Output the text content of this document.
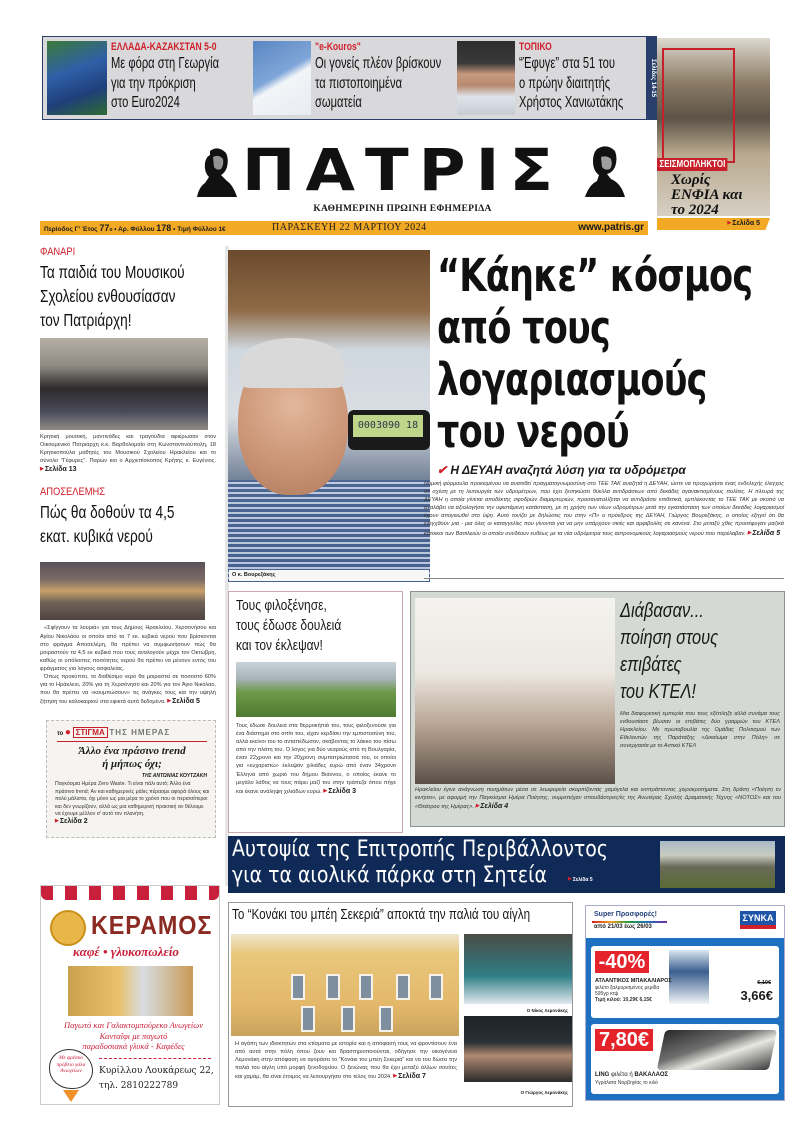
ΕΛΛΑΔΑ-ΚΑΖΑΚΣΤΑΝ 5-0
Με φόρα στη Γεωργία
για την πρόκριση
στο Euro2024
"e-Kouros"
Οι γονείς πλέον βρίσκουν
τα πιστοποιημένα
σωματεία
ΤΟΠΙΚΟ
“Έφυγε” στα 51 του
ο πρώην διαιτητής
Χρήστος Χανιωτάκης
Σελίδες 14-15
ΣΕΙΣΜΟΠΛΗΚΤΟΙ
Χωρίς
ΕΝΦΙΑ και
το 2024
▶ Σελίδα 5
ΠΑΤΡΙΣ
ΚΑΘΗΜΕΡΙΝΗ ΠΡΩΙΝΗ ΕΦΗΜΕΡΙΔΑ
Περίοδος Γ' Έτος 77ο • Αρ. Φύλλου 178 • Τιμή Φύλλου 1€	ΠΑΡΑΣΚΕΥΗ 22 ΜΑΡΤΙΟΥ 2024	www.patris.gr
ΦΑΝΑΡΙ
Τα παιδιά του Μουσικού
Σχολείου ενθουσίασαν
τον Πατριάρχη!
Κρητική μουσική, μαντινάδες και τραγούδια αφιέρωσαν στον Οικουμενικό Πατριάρχη κ.κ. Βαρθολομαίο στη Κωνσταντινούπολη, 18 Κρητικοπούλα μαθητές του Μουσικού Σχολείου Ηρακλείου και το σύνολο "Γέφυρες". Παρών και ο Αρχιεπίσκοπος Κρήτης κ. Ευγένιος. ▶ Σελίδα 13
ΑΠΟΣΕΛΕΜΗΣ
Πώς θα δοθούν τα 4,5
εκατ. κυβικά νερού
«Σφίγγουν τα λουριά» για τους Δήμους Ηρακλείου, Χερσονήσου και Αγίου Νικολάου οι οποίοι από τα 7 εκ. κυβικά νερού που βρίσκονται στο φράγμα Αποσελέμη, θα πρέπει να συμφωνήσουν πώς θα μοιραστούν τα 4,5 εκ κυβικά που τους αναλογούν μέχρι τον Οκτώβρη, καθώς οι υπόλοιπες ποσότητες νερού θα πρέπει να μένουν εντός του φράγματος για λόγους ασφαλείας.
Όπως προκύπτει, το διαθέσιμο νερό θα μοιραστεί σε ποσοστό 60% για το Ηράκλειο, 20% για τη Χερσόνησο και 20% για τον Άγιο Νικόλαο, που θα πρέπει να «κουμπώσουν» τις ανάγκες τους και την υψηλή ζήτηση του καλοκαιριού στα εφικτά αυτά δεδομένα. ▶ Σελίδα 5
το ● ΣΤΙΓΜΑ ΤΗΣ ΗΜΕΡΑΣ
Άλλο ένα πράσινο trend
ή μήπως όχι;
ΤΗΣ ΑΝΤΩΝΙΑΣ ΚΟΥΤΖΑΚΗ
Παγκόσμια Ημέρα Zero Waste. Τι είναι πάλι αυτό; Άλλο ένα πράσινο trend; Αν και καθημερινές μάλις πέρασμε αφορά όλους και πολύ μάλιστα, όχι μόνο ως μια μέρα το χρόνο που οι περισσότεροι και δεν γνωρίζουν, αλλά ως μια καθημερινή πρακτική αν θέλουμε να έχουμε μέλλον σ' αυτό τον πλανήτη.
▶ Σελίδα 2
ΚΕΡΑΜΟΣ
καφέ • γλυκοπωλείο
Παγωτό και Γαλακτομπούρεκο Ανωγείων
Κανταΐφι με παγωτό
παραδοσιακά γλυκά - Καφέδες
Με φρέσκο πρόβειο γάλα Ανωγείων	Κυρίλλου Λουκάρεως 22,
τηλ. 2810222789
0003090 18
Ο κ. Βουρεξάκης
“Κάηκε” κόσμος
από τους
λογαριασμούς
του νερού
✔ Η ΔΕΥΑΗ αναζητά λύση για τα υδρόμετρα
Νομική φόρμουλα προκειμένου να ανατεθεί πραγματογνωμοσύνη στο ΤΕΕ ΤΑΚ αναζητά η ΔΕΥΑΗ, ώστε να προχωρήσει ένας ενδελεχής έλεγχος σε σχέση με τη λειτουργία των υδρομέτρων, που έχει ξεσηκώσει θύελλα αντιδράσεων από δεκάδες αγανακτισμένους πολίτες. Η πλευρά της ΔΕΥΑΗ η οποία γίνεται αποδέκτης σφοδρών διαμαρτυριών, προσανατολίζεται να αντιδράσει επιθετικά, εμπλέκοντας το ΤΕΕ ΤΑΚ με σκοπό να αναλάβει να αξιολογήσει την υφιστάμενη κατάσταση, με τη χρήση των νέων υδρομέτρων μετά την εγκατάσταση των οποίων δεκάδες λογαριασμοί έχουν απογειωθεί στο ύψη. Αυτό τονίζει με δηλώσεις του στην «Π» ο πρόεδρος της ΔΕΥΑΗ, Γιώργος Βουρεξάκης, ο οποίος εξηγεί ότι θα ελεγχθούν μια - μια όλες οι καταγγελίες που γίνονται για να μην υπάρχουν σκιές και αμφιβολίες σε κανένα. Στο μεταξύ χθες προσέφυγαν μαζικά κάτοικοι των Βασιλειών οι οποίοι συνδέουν ευθέως με τα νέα υδρόμετρα τους αστρονομικούς λογαριασμούς νερού που παρέλαβαν. ▶ Σελίδα 5
Τους φιλοξένησε,
τους έδωσε δουλειά
και τον έκλεψαν!
Τους έδωσε δουλειά στα θερμοκήπιά του, τους φιλοξενούσε για ένα διάστημα στο σπίτι του, είχαν κερδίσει την εμπιστοσύνη του, αλλά εκείνοι του το ανταπέδωσαν, σκάβοντας το λάκκο του πίσω από την πλάτη του. Ο λόγος για δύο νεαρούς από τη Βουλγαρία, έναν 22χρονο και την 20χρονη συμπατριώτισσά του, οι οποίοι για «ευχαριστώ» έκλεψαν χιλιάδες ευρώ από έναν 34χρονο Έλληνα από χωριό του δήμου Βιάννου, ο οποίος έκανε το μεγάλο λάθος να τους πάρει μαζί του στην τράπεζα όπου πήγε και έκανε ανάληψη χιλιάδων ευρώ. ▶ Σελίδα 3
Διάβασαν...
ποίηση στους
επιβάτες
του ΚΤΕΛ!
Μια διαφορετική εμπειρία που τους εξέπληξε αλλά συνάμα τους ενθουσίασε βίωσαν οι επιβάτες δύο γραμμών του ΚΤΕΛ Ηρακλείου. Με πρωτοβουλία της Ομάδας Πολιτισμού των Εθελοντών της Παράταξης «Δικαίωμα στην Πόλη» σε συνεργασία με το Αστικό ΚΤΕΛ
Ηρακλείου έγινε ανάγνωση ποιημάτων μέσα σε λεωφορεία σκορπίζοντας χαμόγελα και εισπράττοντας χειροκροτήματα. Στη δράση «Ποίηση εν κινήσει», με αφορμή την Παγκόσμια Ημέρα Ποίησης, συμμετείχαν σπουδάστριες/ές της Ανωτέρας Σχολής Δραματικής Τέχνης «ΝΟΤΟΣ» και του «Θεάτρου της Ημέρας». ▶ Σελίδα 4
Αυτοψία της Επιτροπής Περιβάλλοντος
για τα αιολικά πάρκα στη Σητεία	▶ Σελίδα 5
Το “Κονάκι του μπέη Σεκεριά” αποκτά την παλιά του αίγλη
Ο Νίκος Λεμονάκης
Ο Γιώργος Λεμονάκης
Η αγάπη των ιδιοκτητών στα κτίσματα με ιστορία και η απόφασή τους να φροντίσουν ένα από αυτά στην πόλη όπου ζουν και δραστηριοποιούνται, οδήγησε την οικογένεια Λεμονάκη στην απόφαση να αγοράσει το “Κονάκι του μπέη Σεκεριά” και να του δώσει την παλιά του αίγλη υπό μορφή ξενοδοχείου. Ο ξενώνας που θα έχει μεταξύ άλλων σουίτες και χαμάμ, θα είναι έτοιμος να λειτουργήσει στο τέλος του 2024. ▶ Σελίδα 7
Super Προσφορές!
από 21/03 έως 26/03
ΣΥΝΚΑ
-40%
ΑΤΛΑΝΤΙΚΟΣ ΜΠΑΚΑΛΙΑΡΟΣ
φιλέτο ξαλμυρισμένος μερίδα
595γρ κτψ
Τιμή κιλού: 10,29€ 6,15€
6,10€
3,66€
7,80€
LING φιλέτα ή ΒΑΚΑΛΑΟΣ
Υγράλατα Νορβηγίας το κιλό
